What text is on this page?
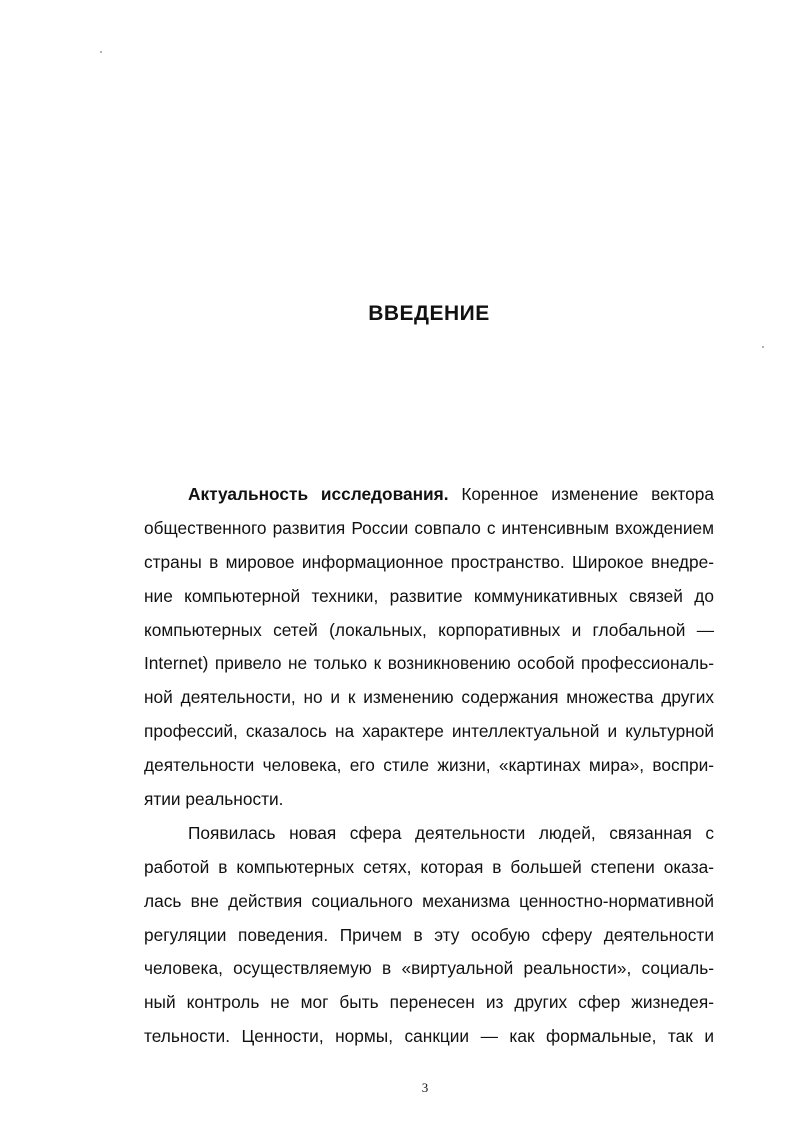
ВВЕДЕНИЕ
Актуальность исследования. Коренное изменение вектора
общественного развития России совпало с интенсивным вхождением
страны в мировое информационное пространство. Широкое внедре-
ние компьютерной техники, развитие коммуникативных связей до
компьютерных сетей (локальных, корпоративных и глобальной —
Internet) привело не только к возникновению особой профессиональ-
ной деятельности, но и к изменению содержания множества других
профессий, сказалось на характере интеллектуальной и культурной
деятельности человека, его стиле жизни, «картинах мира», воспри-
ятии реальности.
Появилась новая сфера деятельности людей, связанная с
работой в компьютерных сетях, которая в большей степени оказа-
лась вне действия социального механизма ценностно-нормативной
регуляции поведения. Причем в эту особую сферу деятельности
человека, осуществляемую в «виртуальной реальности», социаль-
ный контроль не мог быть перенесен из других сфер жизнедея-
тельности. Ценности, нормы, санкции — как формальные, так и
3
